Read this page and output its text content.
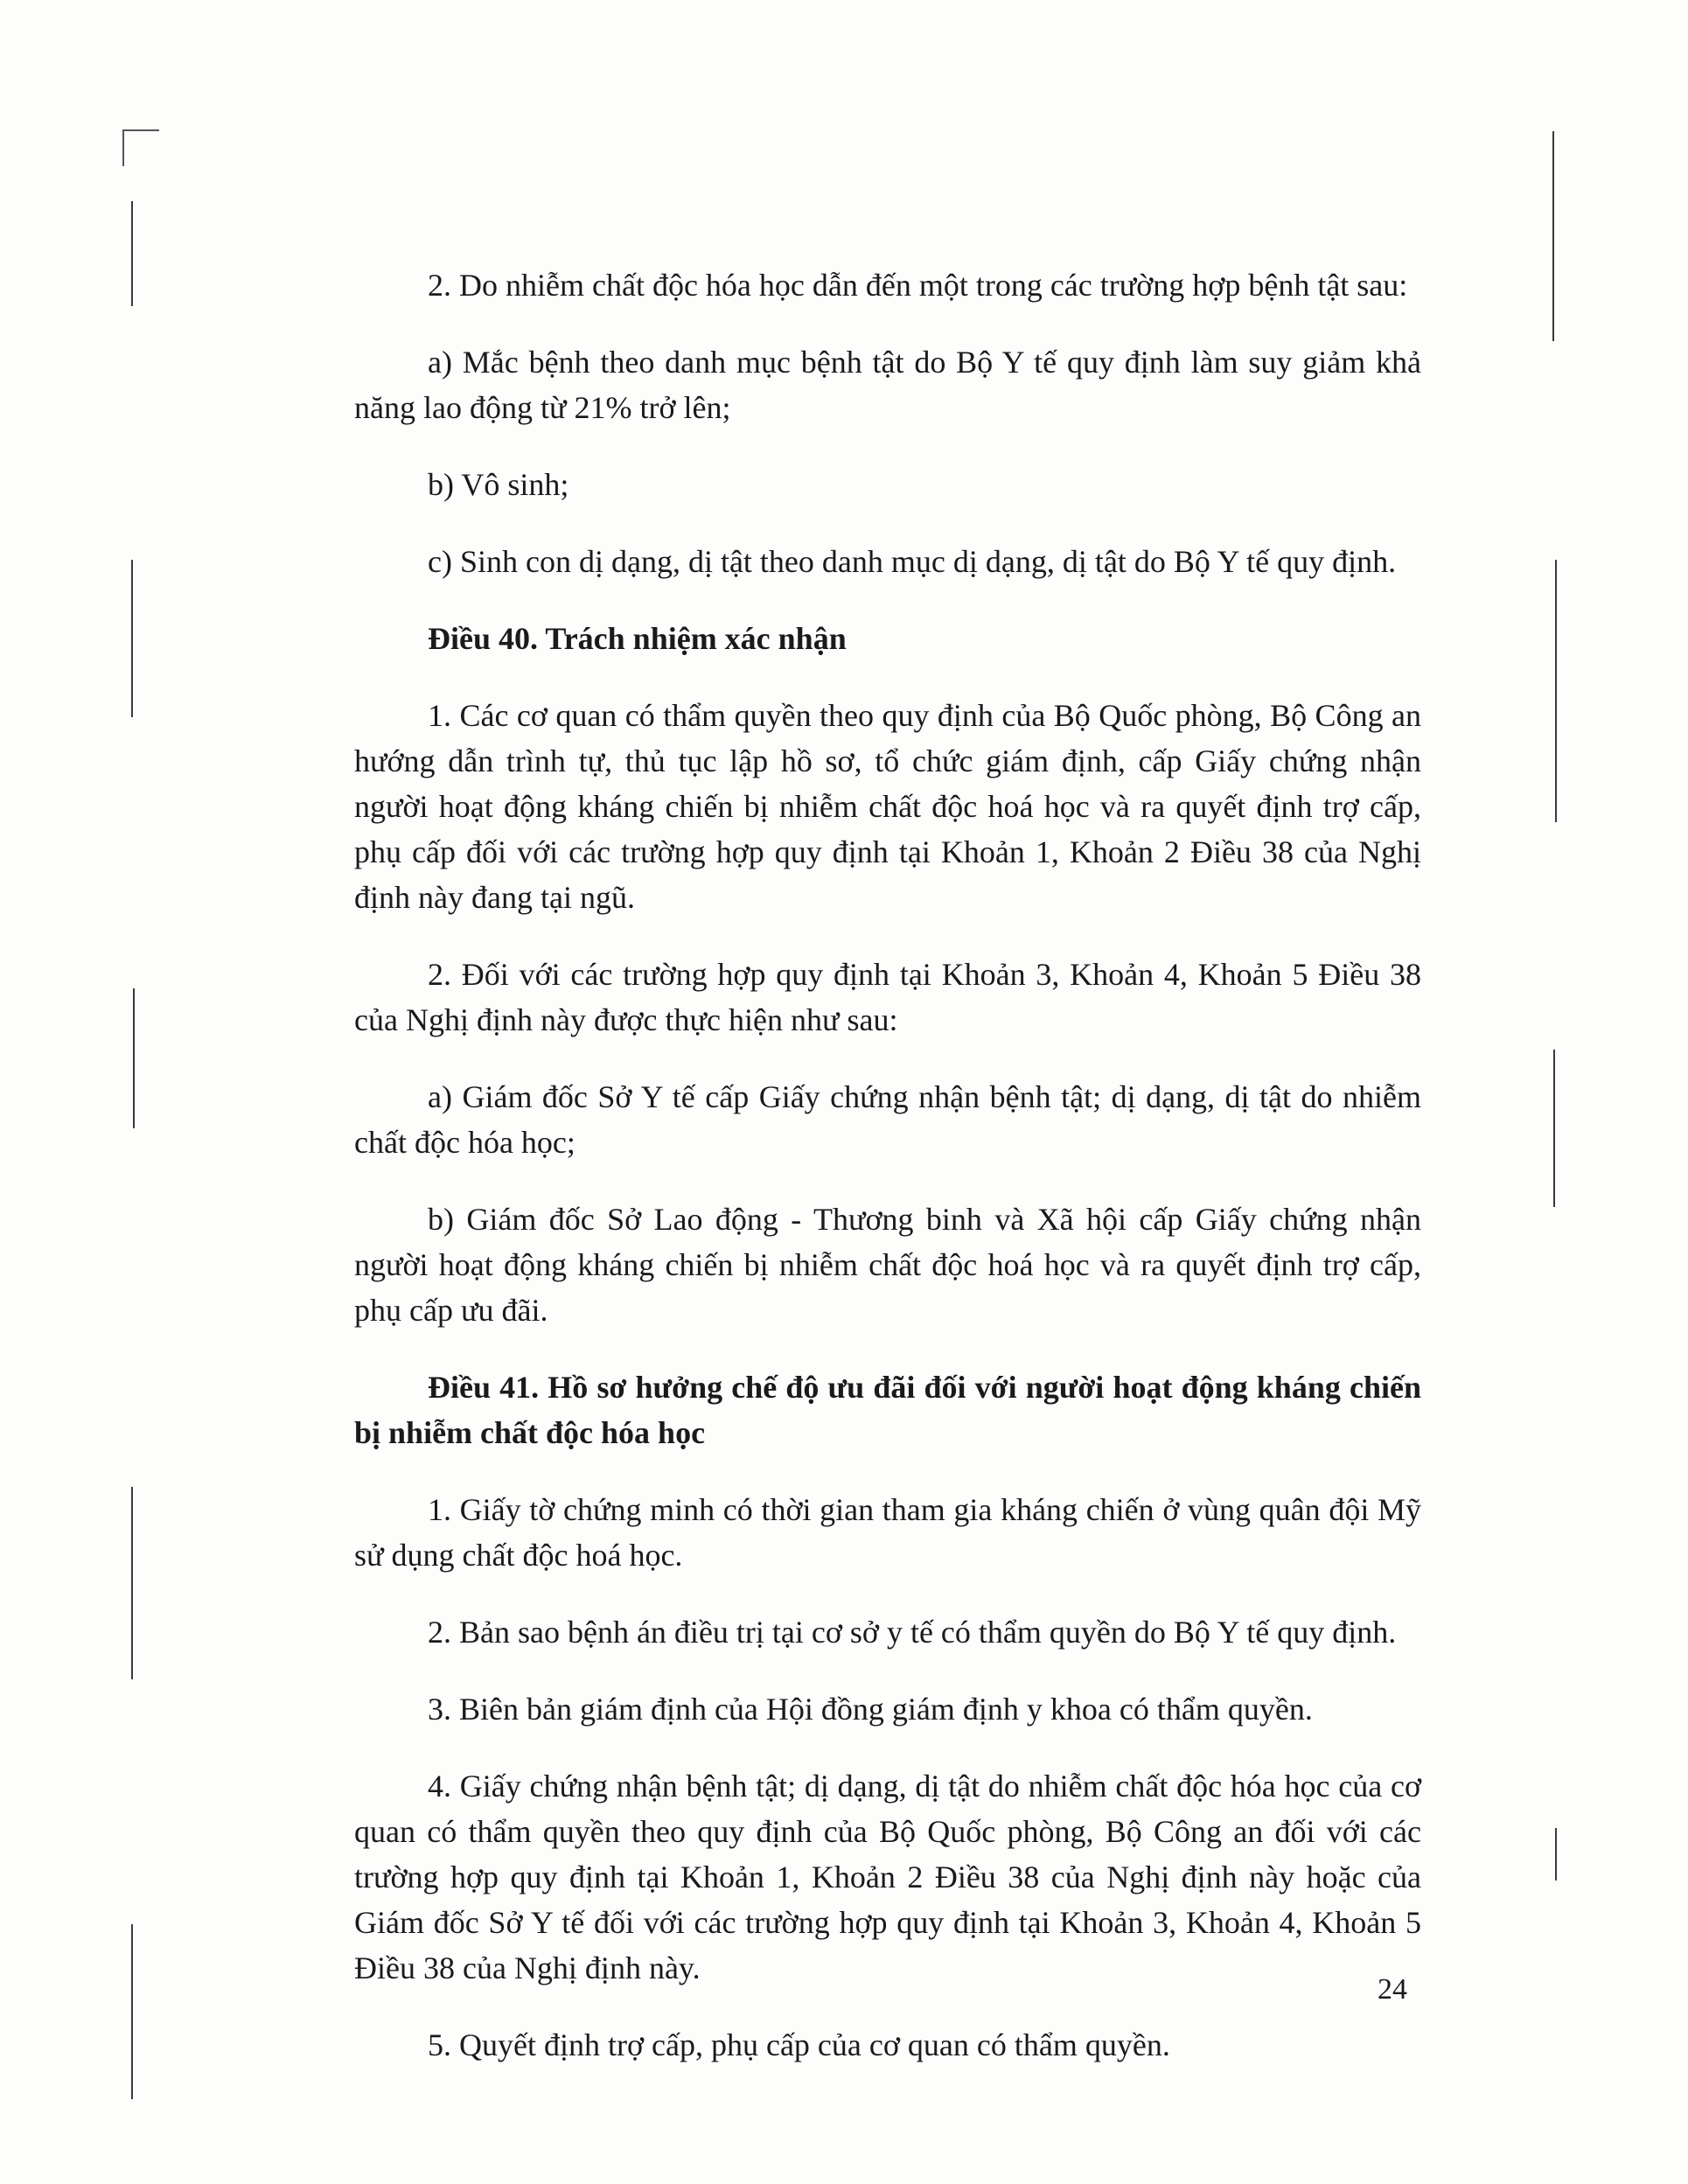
2. Do nhiễm chất độc hóa học dẫn đến một trong các trường hợp bệnh tật sau:

a) Mắc bệnh theo danh mục bệnh tật do Bộ Y tế quy định làm suy giảm khả năng lao động từ 21% trở lên;

b) Vô sinh;

c) Sinh con dị dạng, dị tật theo danh mục dị dạng, dị tật do Bộ Y tế quy định.

Điều 40. Trách nhiệm xác nhận

1. Các cơ quan có thẩm quyền theo quy định của Bộ Quốc phòng, Bộ Công an hướng dẫn trình tự, thủ tục lập hồ sơ, tổ chức giám định, cấp Giấy chứng nhận người hoạt động kháng chiến bị nhiễm chất độc hoá học và ra quyết định trợ cấp, phụ cấp đối với các trường hợp quy định tại Khoản 1, Khoản 2 Điều 38 của Nghị định này đang tại ngũ.

2. Đối với các trường hợp quy định tại Khoản 3, Khoản 4, Khoản 5 Điều 38 của Nghị định này được thực hiện như sau:

a) Giám đốc Sở Y tế cấp Giấy chứng nhận bệnh tật; dị dạng, dị tật do nhiễm chất độc hóa học;

b) Giám đốc Sở Lao động - Thương binh và Xã hội cấp Giấy chứng nhận người hoạt động kháng chiến bị nhiễm chất độc hoá học và ra quyết định trợ cấp, phụ cấp ưu đãi.

Điều 41. Hồ sơ hưởng chế độ ưu đãi đối với người hoạt động kháng chiến bị nhiễm chất độc hóa học

1. Giấy tờ chứng minh có thời gian tham gia kháng chiến ở vùng quân đội Mỹ sử dụng chất độc hoá học.

2. Bản sao bệnh án điều trị tại cơ sở y tế có thẩm quyền do Bộ Y tế quy định.

3. Biên bản giám định của Hội đồng giám định y khoa có thẩm quyền.

4. Giấy chứng nhận bệnh tật; dị dạng, dị tật do nhiễm chất độc hóa học của cơ quan có thẩm quyền theo quy định của Bộ Quốc phòng, Bộ Công an đối với các trường hợp quy định tại Khoản 1, Khoản 2 Điều 38 của Nghị định này hoặc của Giám đốc Sở Y tế đối với các trường hợp quy định tại Khoản 3, Khoản 4, Khoản 5 Điều 38 của Nghị định này.

5. Quyết định trợ cấp, phụ cấp của cơ quan có thẩm quyền.

24
